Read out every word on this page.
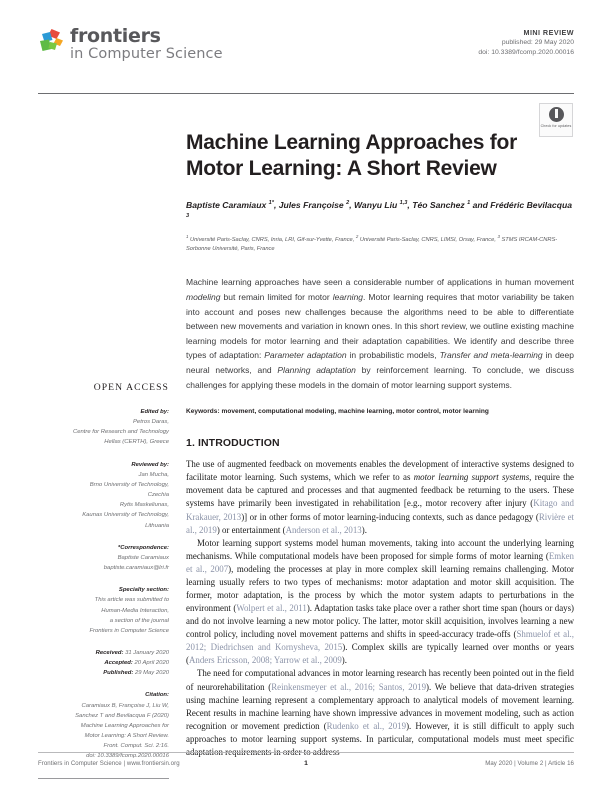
frontiers
in Computer Science
MINI REVIEW
published: 29 May 2020
doi: 10.3389/fcomp.2020.00016
Check for updates
Machine Learning Approaches for Motor Learning: A Short Review
Baptiste Caramiaux $^{1*}$, Jules Françoise $^2$, Wanyu Liu $^{1,3}$, Téo Sanchez $^1$ and Frédéric Bevilacqua $^3$
$^1$ Université Paris-Saclay, CNRS, Inria, LRI, Gif-sur-Yvette, France, $^2$ Université Paris-Saclay, CNRS, LIMSI, Orsay, France, $^3$ STMS IRCAM-CNRS-Sorbonne Université, Paris, France
Machine learning approaches have seen a considerable number of applications in human movement modeling but remain limited for motor learning. Motor learning requires that motor variability be taken into account and poses new challenges because the algorithms need to be able to differentiate between new movements and variation in known ones. In this short review, we outline existing machine learning models for motor learning and their adaptation capabilities. We identify and describe three types of adaptation: Parameter adaptation in probabilistic models, Transfer and meta-learning in deep neural networks, and Planning adaptation by reinforcement learning. To conclude, we discuss challenges for applying these models in the domain of motor learning support systems.
Keywords: movement, computational modeling, machine learning, motor control, motor learning
1. INTRODUCTION

The use of augmented feedback on movements enables the development of interactive systems designed to facilitate motor learning. Such systems, which we refer to as motor learning support systems, require the movement data be captured and processes and that augmented feedback be returning to the users. These systems have primarily been investigated in rehabilitation [e.g., motor recovery after injury (Kitago and Krakauer, 2013)] or in other forms of motor learning-inducing contexts, such as dance pedagogy (Rivière et al., 2019) or entertainment (Anderson et al., 2013).

Motor learning support systems model human movements, taking into account the underlying learning mechanisms. While computational models have been proposed for simple forms of motor learning (Emken et al., 2007), modeling the processes at play in more complex skill learning remains challenging. Motor learning usually refers to two types of mechanisms: motor adaptation and motor skill acquisition. The former, motor adaptation, is the process by which the motor system adapts to perturbations in the environment (Wolpert et al., 2011). Adaptation tasks take place over a rather short time span (hours or days) and do not involve learning a new motor policy. The latter, motor skill acquisition, involves learning a new control policy, including novel movement patterns and shifts in speed-accuracy trade-offs (Shmuelof et al., 2012; Diedrichsen and Kornysheva, 2015). Complex skills are typically learned over months or years (Anders Ericsson, 2008; Yarrow et al., 2009).

The need for computational advances in motor learning research has recently been pointed out in the field of neurorehabilitation (Reinkensmeyer et al., 2016; Santos, 2019). We believe that data-driven strategies using machine learning represent a complementary approach to analytical models of movement learning. Recent results in machine learning have shown impressive advances in movement modeling, such as action recognition or movement prediction (Rudenko et al., 2019). However, it is still difficult to apply such approaches to motor learning support systems. In particular, computational models must meet specific adaptation requirements in order to address

OPEN ACCESS
Edited by:
Petros Daras,
Centre for Research and Technology
Hellas (CERTH), Greece
Reviewed by:
Jan Mucha,
Brno University of Technology,
Czechia
Rytis Maskeliunas,
Kaunas University of Technology,
Lithuania
*Correspondence:
Baptiste Caramiaux
baptiste.caramiaux@lri.fr
Specialty section:
This article was submitted to
Human-Media Interaction,
a section of the journal
Frontiers in Computer Science
Received: 31 January 2020
Accepted: 20 April 2020
Published: 29 May 2020
Citation:
Caramiaux B, Françoise J, Liu W,
Sanchez T and Bevilacqua F (2020)
Machine Learning Approaches for
Motor Learning: A Short Review.
Front. Comput. Sci. 2:16.
doi: 10.3389/fcomp.2020.00016
Frontiers in Computer Science | www.frontiersin.org	1	May 2020 | Volume 2 | Article 16
